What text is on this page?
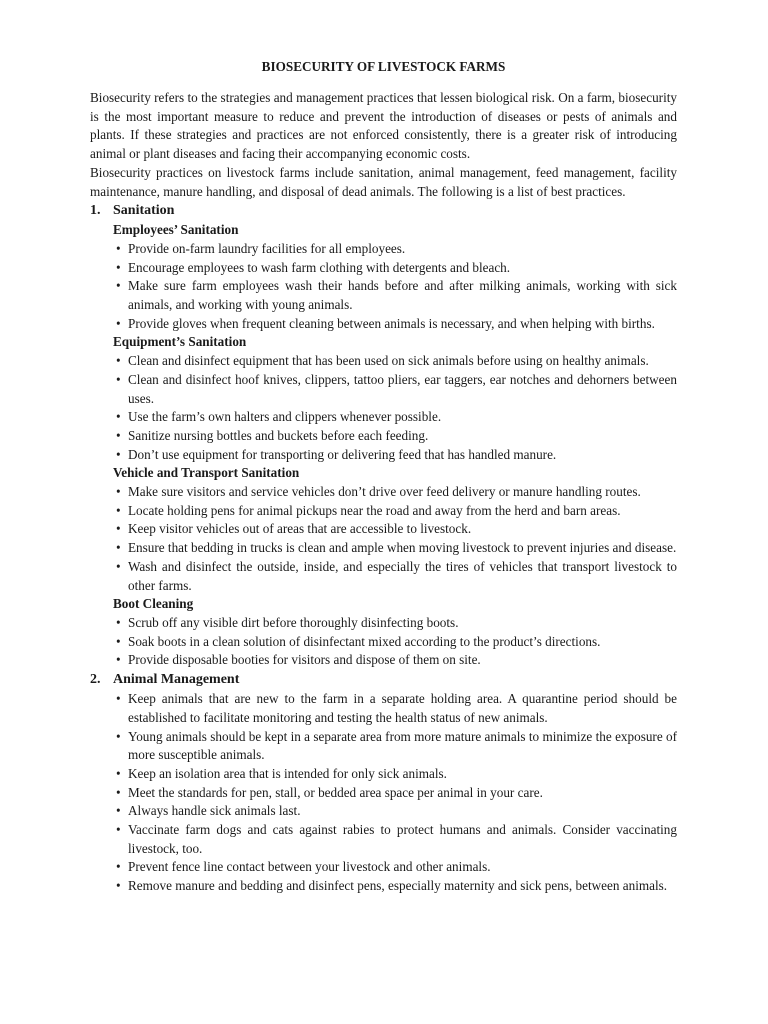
BIOSECURITY OF LIVESTOCK FARMS

Biosecurity refers to the strategies and management practices that lessen biological risk. On a farm, biosecurity is the most important measure to reduce and prevent the introduction of diseases or pests of animals and plants. If these strategies and practices are not enforced consistently, there is a greater risk of introducing animal or plant diseases and facing their accompanying economic costs.

Biosecurity practices on livestock farms include sanitation, animal management, feed management, facility maintenance, manure handling, and disposal of dead animals. The following is a list of best practices.

1. Sanitation
Employees’ Sanitation
• Provide on-farm laundry facilities for all employees.
• Encourage employees to wash farm clothing with detergents and bleach.
• Make sure farm employees wash their hands before and after milking animals, working with sick animals, and working with young animals.
• Provide gloves when frequent cleaning between animals is necessary, and when helping with births.
Equipment’s Sanitation
• Clean and disinfect equipment that has been used on sick animals before using on healthy animals.
• Clean and disinfect hoof knives, clippers, tattoo pliers, ear taggers, ear notches and dehorners between uses.
• Use the farm’s own halters and clippers whenever possible.
• Sanitize nursing bottles and buckets before each feeding.
• Don’t use equipment for transporting or delivering feed that has handled manure.
Vehicle and Transport Sanitation
• Make sure visitors and service vehicles don’t drive over feed delivery or manure handling routes.
• Locate holding pens for animal pickups near the road and away from the herd and barn areas.
• Keep visitor vehicles out of areas that are accessible to livestock.
• Ensure that bedding in trucks is clean and ample when moving livestock to prevent injuries and disease.
• Wash and disinfect the outside, inside, and especially the tires of vehicles that transport livestock to other farms.
Boot Cleaning
• Scrub off any visible dirt before thoroughly disinfecting boots.
• Soak boots in a clean solution of disinfectant mixed according to the product’s directions.
• Provide disposable booties for visitors and dispose of them on site.
2. Animal Management
• Keep animals that are new to the farm in a separate holding area. A quarantine period should be established to facilitate monitoring and testing the health status of new animals.
• Young animals should be kept in a separate area from more mature animals to minimize the exposure of more susceptible animals.
• Keep an isolation area that is intended for only sick animals.
• Meet the standards for pen, stall, or bedded area space per animal in your care.
• Always handle sick animals last.
• Vaccinate farm dogs and cats against rabies to protect humans and animals. Consider vaccinating livestock, too.
• Prevent fence line contact between your livestock and other animals.
• Remove manure and bedding and disinfect pens, especially maternity and sick pens, between animals.
